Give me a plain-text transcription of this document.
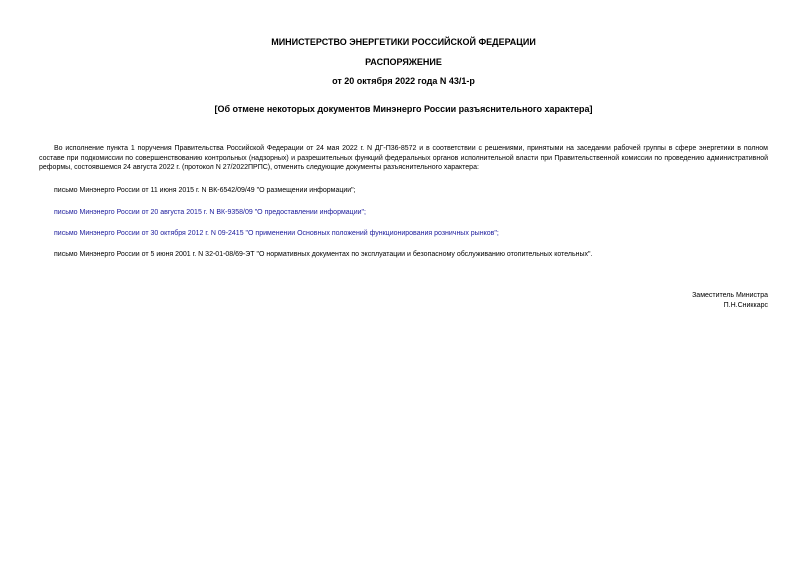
МИНИСТЕРСТВО ЭНЕРГЕТИКИ РОССИЙСКОЙ ФЕДЕРАЦИИ
РАСПОРЯЖЕНИЕ
от 20 октября 2022 года N 43/1-р
[Об отмене некоторых документов Минэнерго России разъяснительного характера]
Во исполнение пункта 1 поручения Правительства Российской Федерации от 24 мая 2022 г. N ДГ-П36-8572 и в соответствии с решениями, принятыми на заседании рабочей группы в сфере энергетики в полном составе при подкомиссии по совершенствованию контрольных (надзорных) и разрешительных функций федеральных органов исполнительной власти при Правительственной комиссии по проведению административной реформы, состоявшемся 24 августа 2022 г. (протокол N 27/2022ПРПС), отменить следующие документы разъяснительного характера:
письмо Минэнерго России от 11 июня 2015 г. N ВК-6542/09/49 "О размещении информации";
письмо Минэнерго России от 20 августа 2015 г. N ВК-9358/09 "О предоставлении информации";
письмо Минэнерго России от 30 октября 2012 г. N 09-2415 "О применении Основных положений функционирования розничных рынков";
письмо Минэнерго России от 5 июня 2001 г. N 32-01-08/69-ЭТ "О нормативных документах по эксплуатации и безопасному обслуживанию отопительных котельных".
Заместитель Министра
П.Н.Сниккарс
